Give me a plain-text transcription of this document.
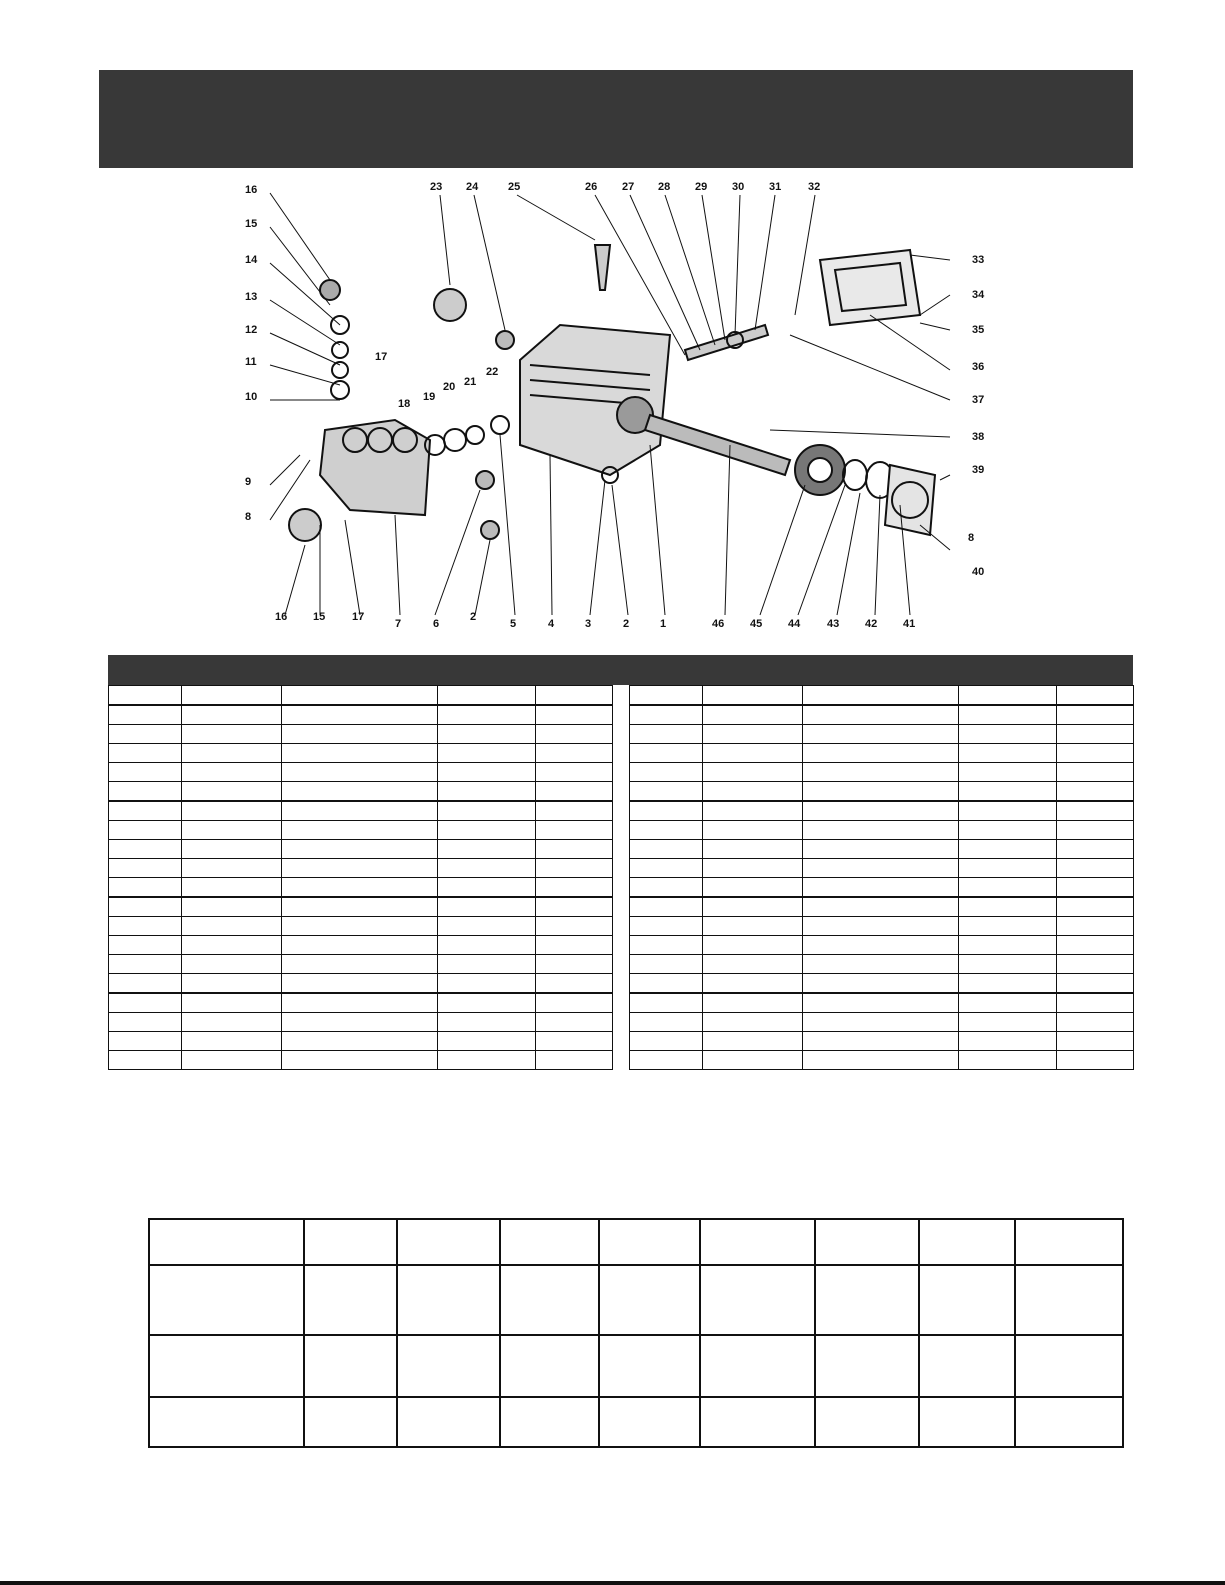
16
15
14
13
12
11
10
17
9
8
23 24	25	26 27 28 29 30 31 32
33
34
35
36
37
38
39
8
40
18
19
20 21
22
16 15 17
7	6
2
5	4	3	2	1	46 45 44 43 42 41
